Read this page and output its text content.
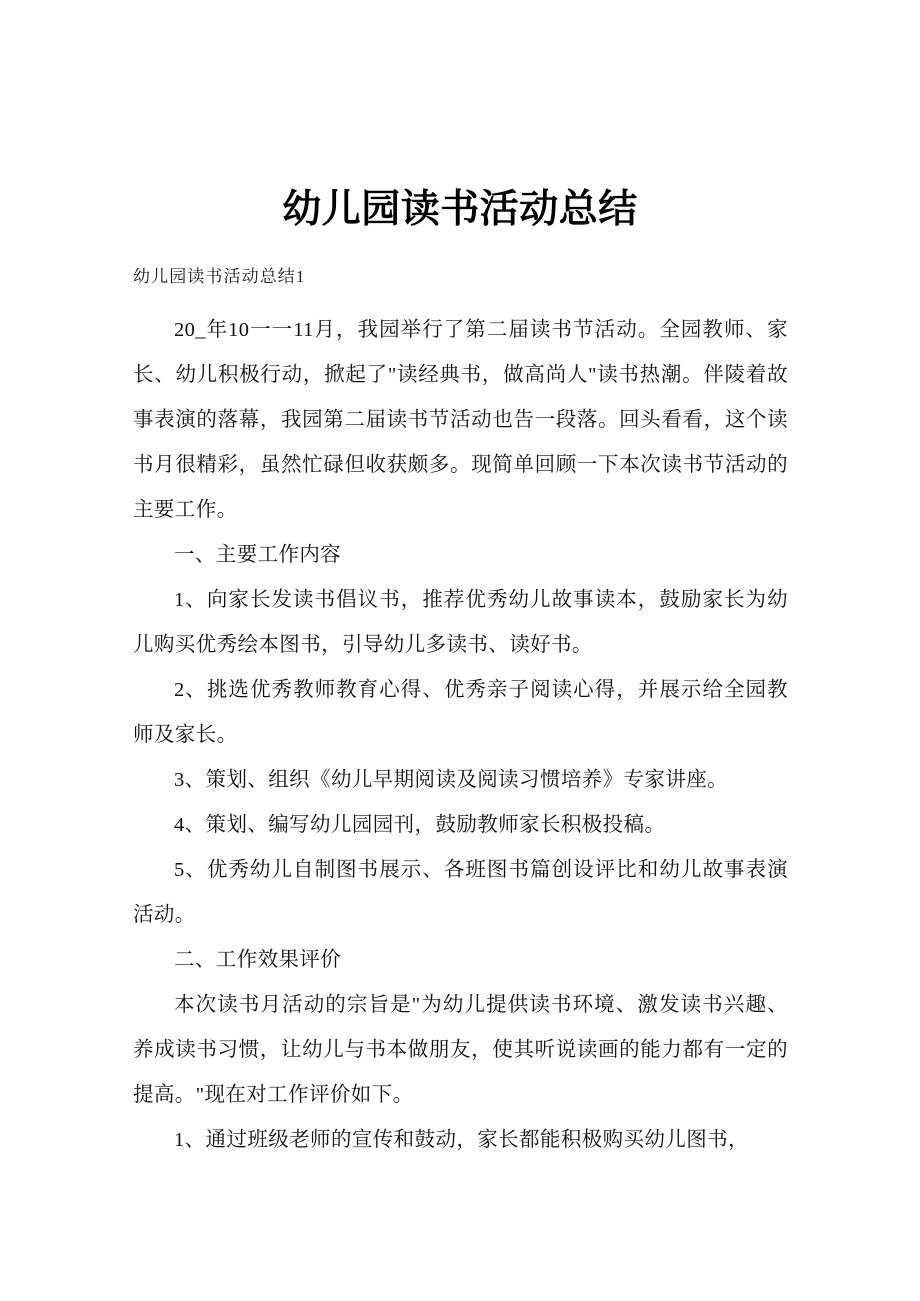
幼儿园读书活动总结
幼儿园读书活动总结1

20_年10一一11月，我园举行了第二届读书节活动。全园教师、家长、幼儿积极行动，掀起了"读经典书，做高尚人"读书热潮。伴陵着故事表演的落幕，我园第二届读书节活动也告一段落。回头看看，这个读书月很精彩，虽然忙碌但收获颇多。现简单回顾一下本次读书节活动的主要工作。

一、主要工作内容

1、向家长发读书倡议书，推荐优秀幼儿故事读本，鼓励家长为幼儿购买优秀绘本图书，引导幼儿多读书、读好书。

2、挑选优秀教师教育心得、优秀亲子阅读心得，并展示给全园教师及家长。

3、策划、组织《幼儿早期阅读及阅读习惯培养》专家讲座。

4、策划、编写幼儿园园刊，鼓励教师家长积极投稿。

5、优秀幼儿自制图书展示、各班图书篇创设评比和幼儿故事表演活动。

二、工作效果评价

本次读书月活动的宗旨是"为幼儿提供读书环境、激发读书兴趣、养成读书习惯，让幼儿与书本做朋友，使其听说读画的能力都有一定的提高。"现在对工作评价如下。

1、通过班级老师的宣传和鼓动，家长都能积极购买幼儿图书，
